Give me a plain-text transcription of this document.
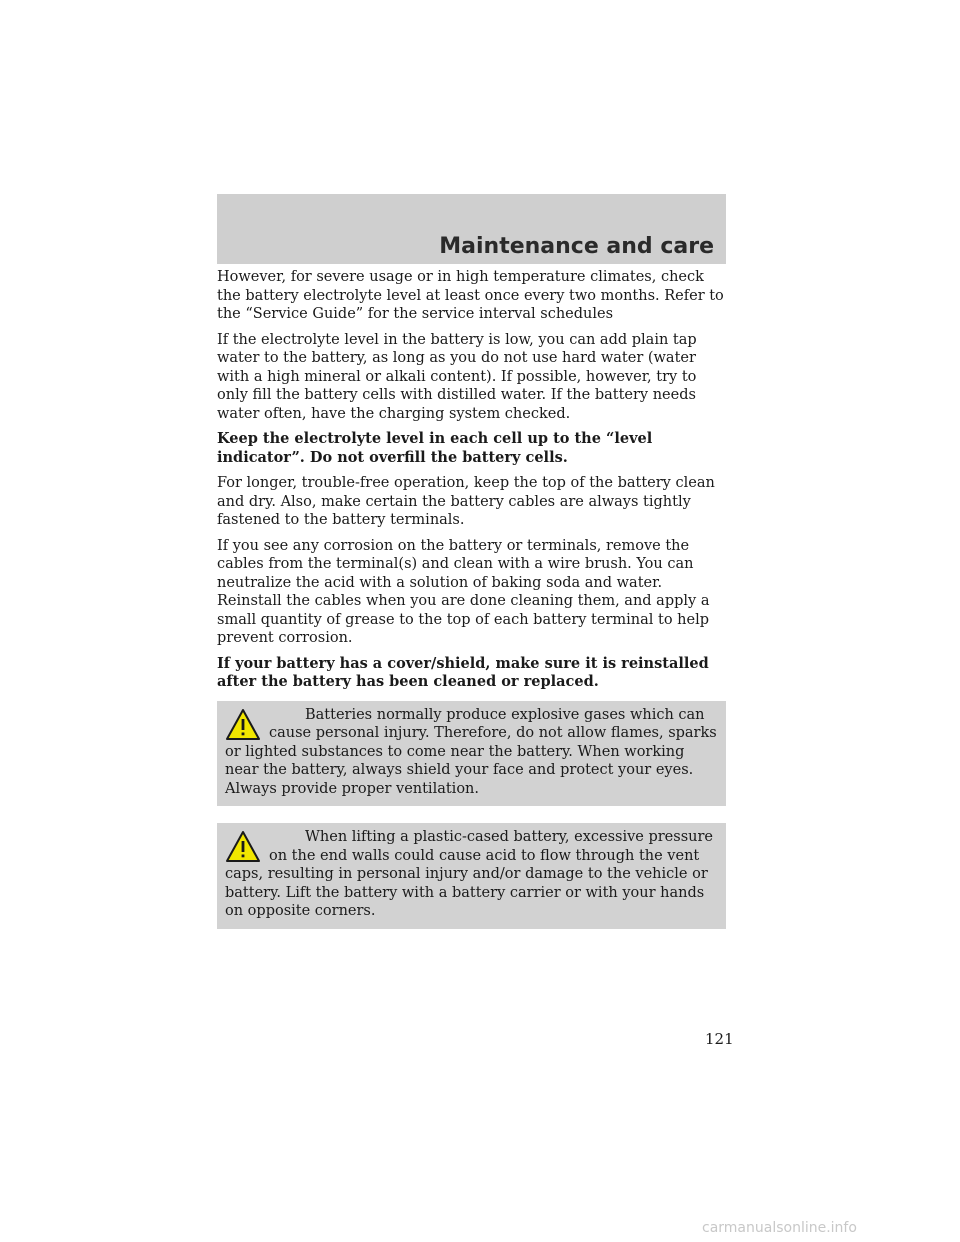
Maintenance and care

However, for severe usage or in high temperature climates, check the battery electrolyte level at least once every two months. Refer to the “Service Guide” for the service interval schedules

If the electrolyte level in the battery is low, you can add plain tap water to the battery, as long as you do not use hard water (water with a high mineral or alkali content). If possible, however, try to only fill the battery cells with distilled water. If the battery needs water often, have the charging system checked.

Keep the electrolyte level in each cell up to the “level indicator”. Do not overfill the battery cells.

For longer, trouble-free operation, keep the top of the battery clean and dry. Also, make certain the battery cables are always tightly fastened to the battery terminals.

If you see any corrosion on the battery or terminals, remove the cables from the terminal(s) and clean with a wire brush. You can neutralize the acid with a solution of baking soda and water. Reinstall the cables when you are done cleaning them, and apply a small quantity of grease to the top of each battery terminal to help prevent corrosion.

If your battery has a cover/shield, make sure it is reinstalled after the battery has been cleaned or replaced.

Batteries normally produce explosive gases which can cause personal injury. Therefore, do not allow flames, sparks or lighted substances to come near the battery. When working near the battery, always shield your face and protect your eyes. Always provide proper ventilation.

When lifting a plastic-cased battery, excessive pressure on the end walls could cause acid to flow through the vent caps, resulting in personal injury and/or damage to the vehicle or battery. Lift the battery with a battery carrier or with your hands on opposite corners.

121
carmanualsonline.info
